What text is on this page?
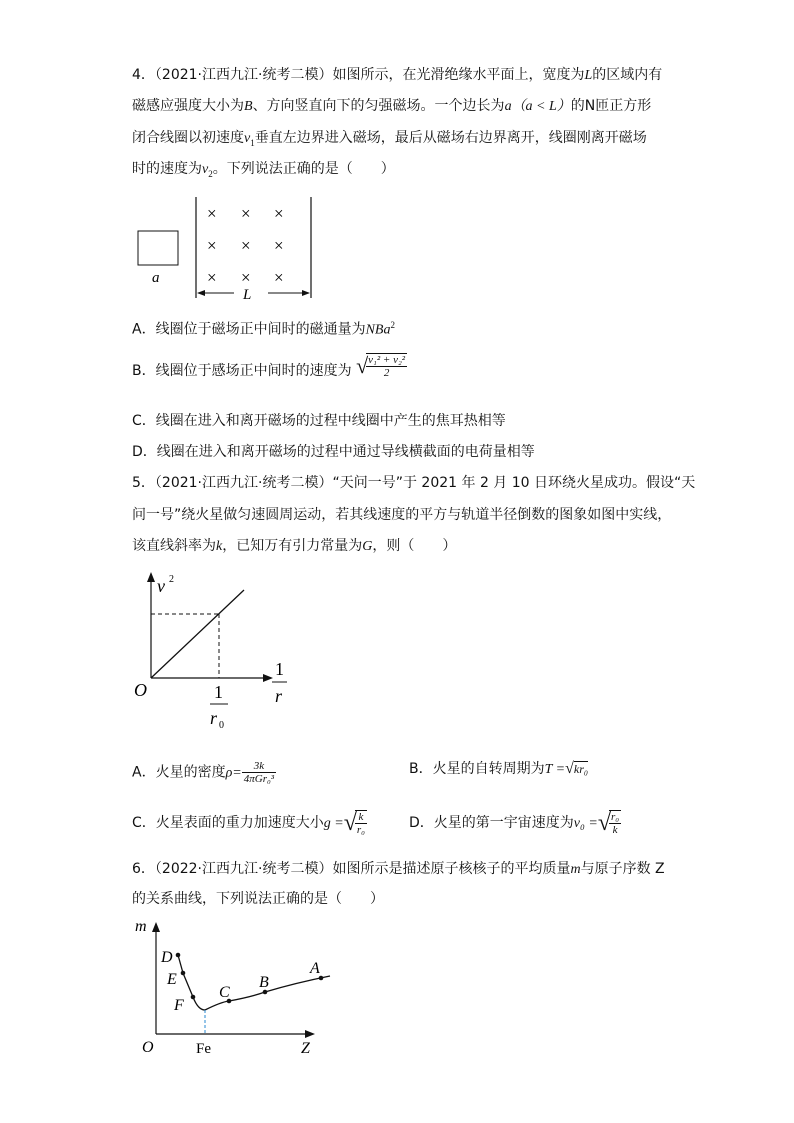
4．（2021·江西九江·统考二模）如图所示，在光滑绝缘水平面上，宽度为L的区域内有
磁感应强度大小为B、方向竖直向下的匀强磁场。一个边长为a（a < L）的N匝正方形
闭合线圈以初速度$v_1$垂直左边界进入磁场，最后从磁场右边界离开，线圈刚离开磁场
时的速度为$v_2$。下列说法正确的是（　　）
a
× × ×
× × ×
× × ×
L
A．线圈位于磁场正中间时的磁通量为NBa$^2$
B．线圈位于感场正中间时的速度为 √
$\frac{\text{v₁² + v₂²}}{2}$
C．线圈在进入和离开磁场的过程中线圈中产生的焦耳热相等
D．线圈在进入和离开磁场的过程中通过导线横截面的电荷量相等
5．（2021·江西九江·统考二模）“天问一号”于 2021 年 2 月 10 日环绕火星成功。假设“天
问一号”绕火星做匀速圆周运动，若其线速度的平方与轨道半径倒数的图象如图中实线，
该直线斜率为k，已知万有引力常量为G，则（　　）
v 2
1
r
O	1
r 0
A．火星的密度$\rho= \frac{3k}{\text{4πGr₀³}}$	B．火星的自转周期为T =√kr₀
C．火星表面的重力加速度大小g =√
$\frac{k}{\text{r₀}}$	D．火星的第一宇宙速度为v₀ =√
$\frac{\text{r₀}}{k}$
6．（2022·江西九江·统考二模）如图所示是描述原子核核子的平均质量m与原子序数 Z
的关系曲线，下列说法正确的是（　　）
m
D
E
F
C
B
A
O	Fe	Z
